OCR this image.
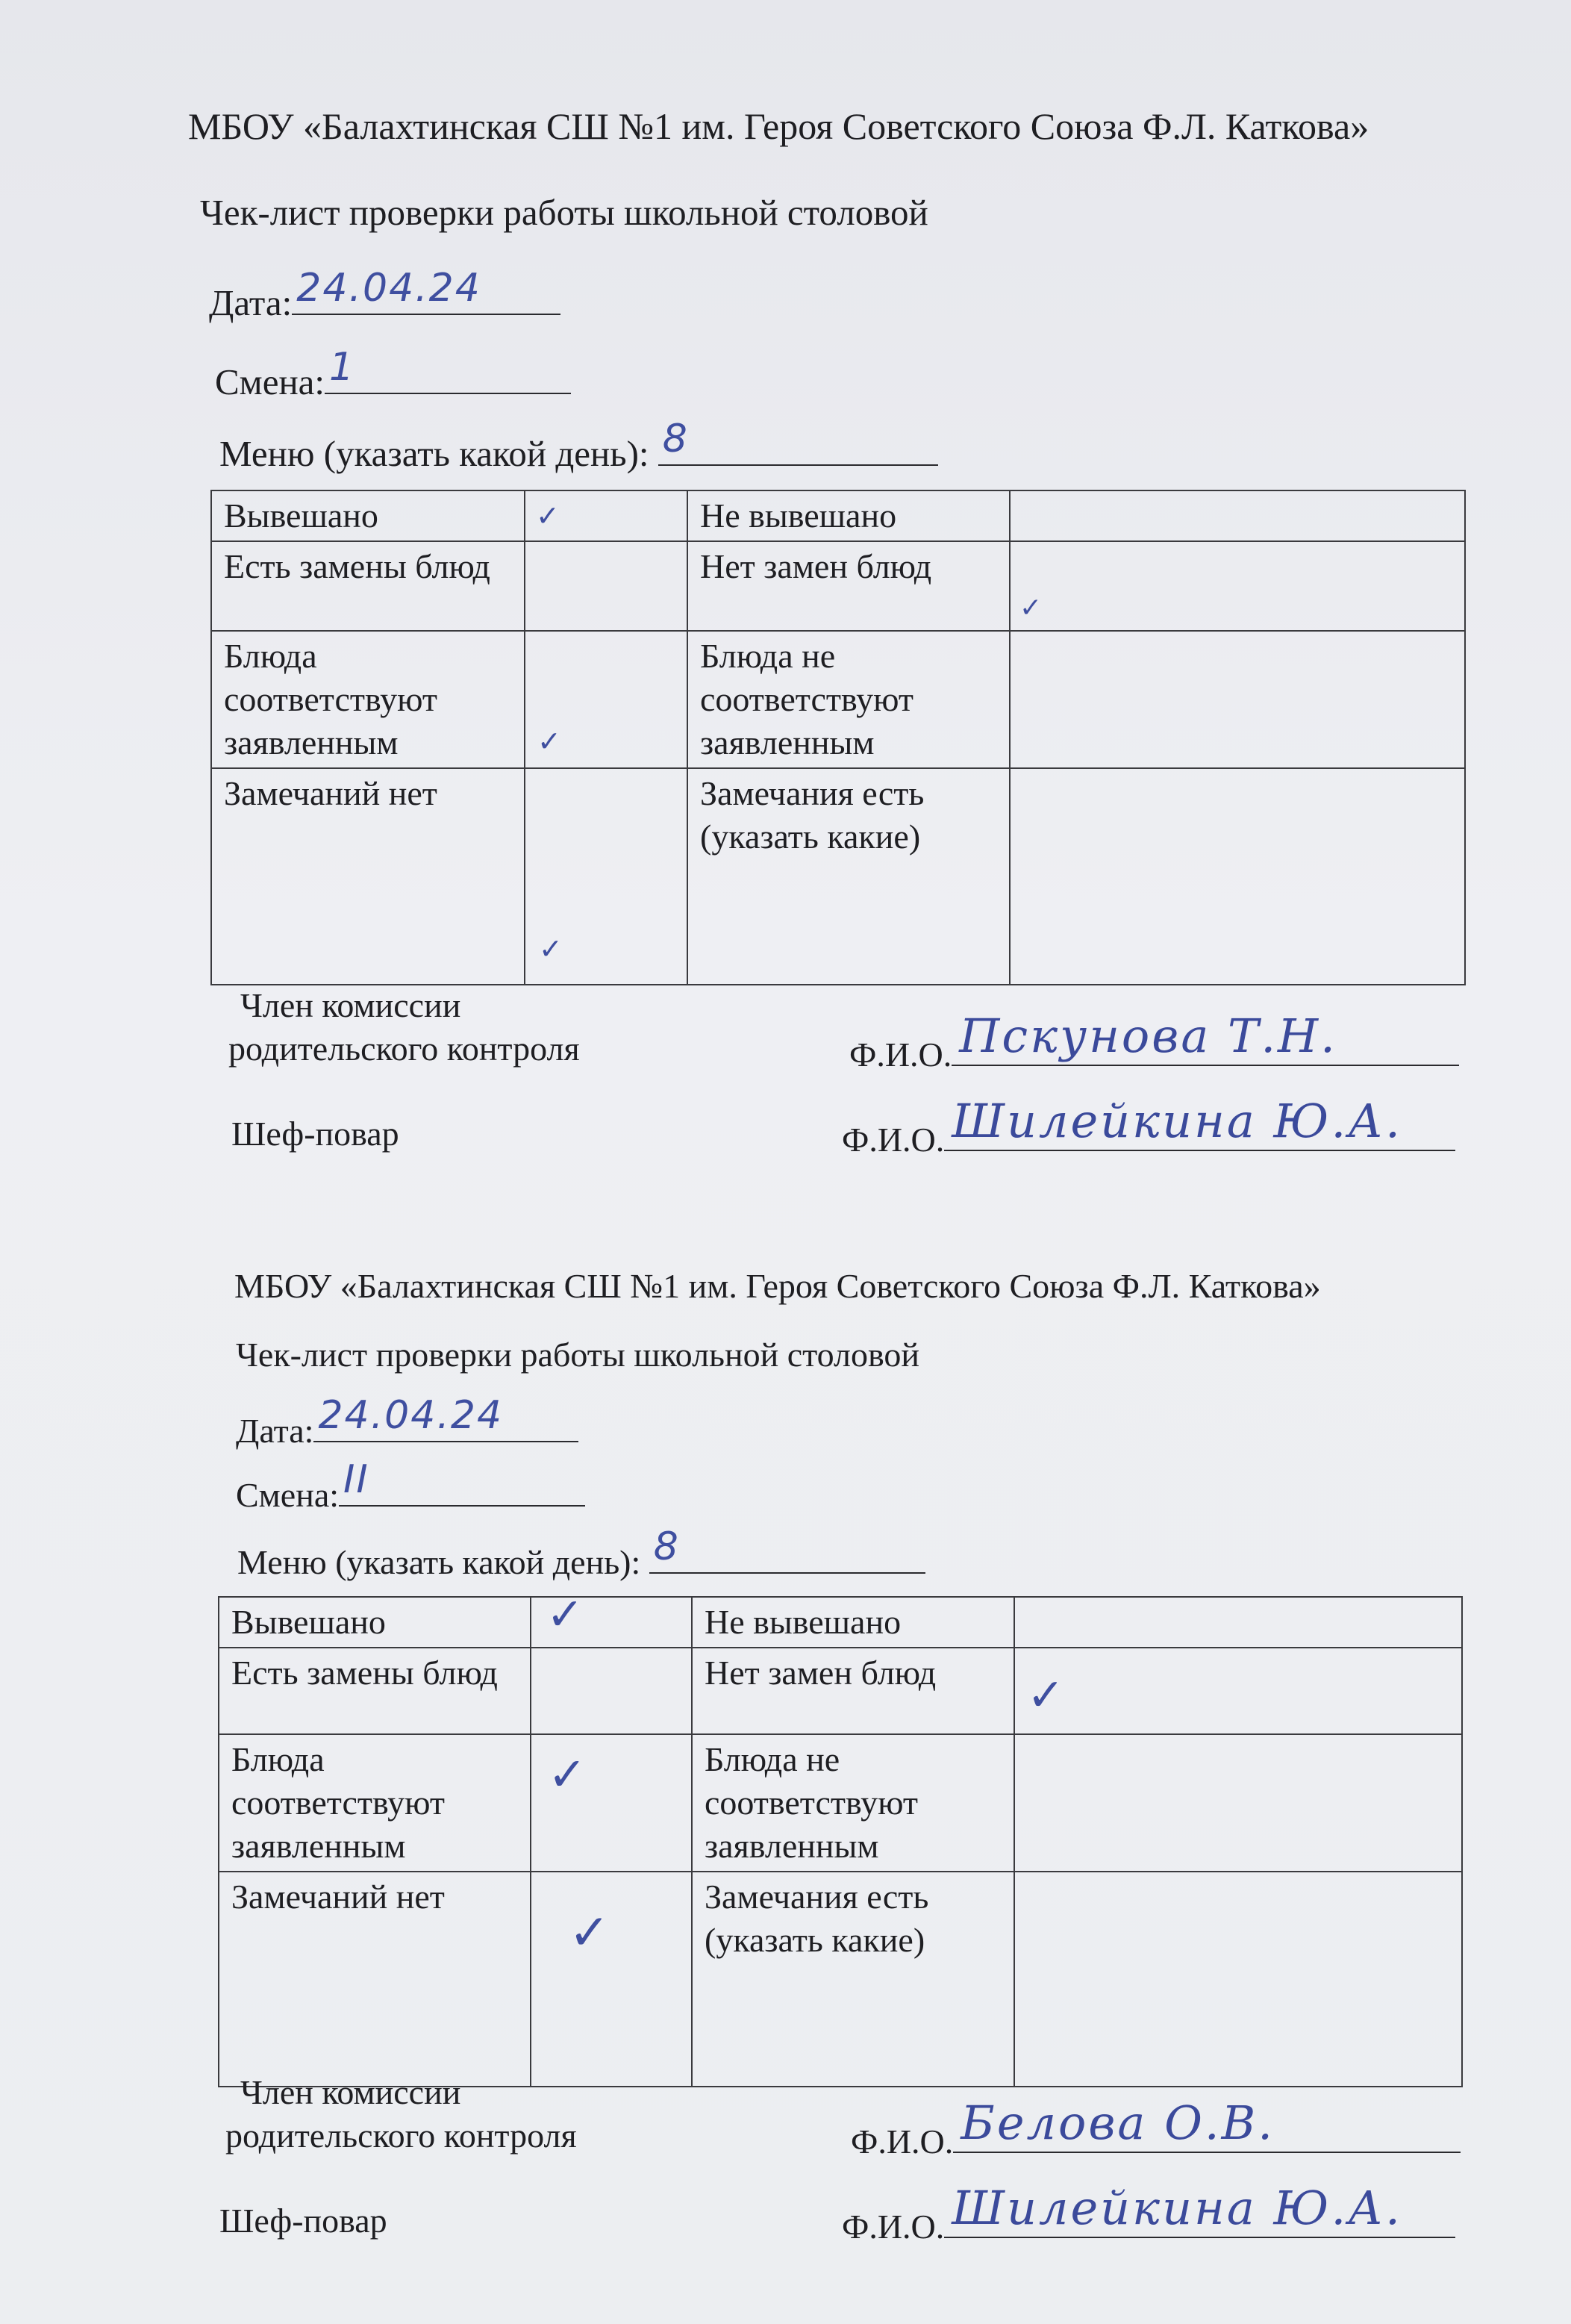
МБОУ «Балахтинская СШ №1 им. Героя Советского Союза Ф.Л. Каткова»
Чек-лист проверки работы школьной столовой
Дата: 24.04.24
Смена: 1
Меню (указать какой день): 8
Вывешано	✓	Не вывешано	
Есть замены блюд		Нет замен блюд	✓

Блюда соответствуют заявленным	✓	Блюда не соответствуют заявленным	
Замечаний нет	✓	Замечания есть (указать какие)	
Член комиссии
родительского контроля	Ф.И.О. Пскунова Т.Н.
Шеф-повар	Ф.И.О. Шилейкина Ю.А.
МБОУ «Балахтинская СШ №1 им. Героя Советского Союза Ф.Л. Каткова»
Чек-лист проверки работы школьной столовой
Дата: 24.04.24
Смена: II
Меню (указать какой день): 8
Вывешано	✓	Не вывешано	
Есть замены блюд		Нет замен блюд	✓

Блюда соответствуют заявленным	✓	Блюда не соответствуют заявленным	
Замечаний нет	✓	Замечания есть (указать какие)	
Член комиссии
родительского контроля	Ф.И.О. Белова О.В.
Шеф-повар	Ф.И.О. Шилейкина Ю.А.
